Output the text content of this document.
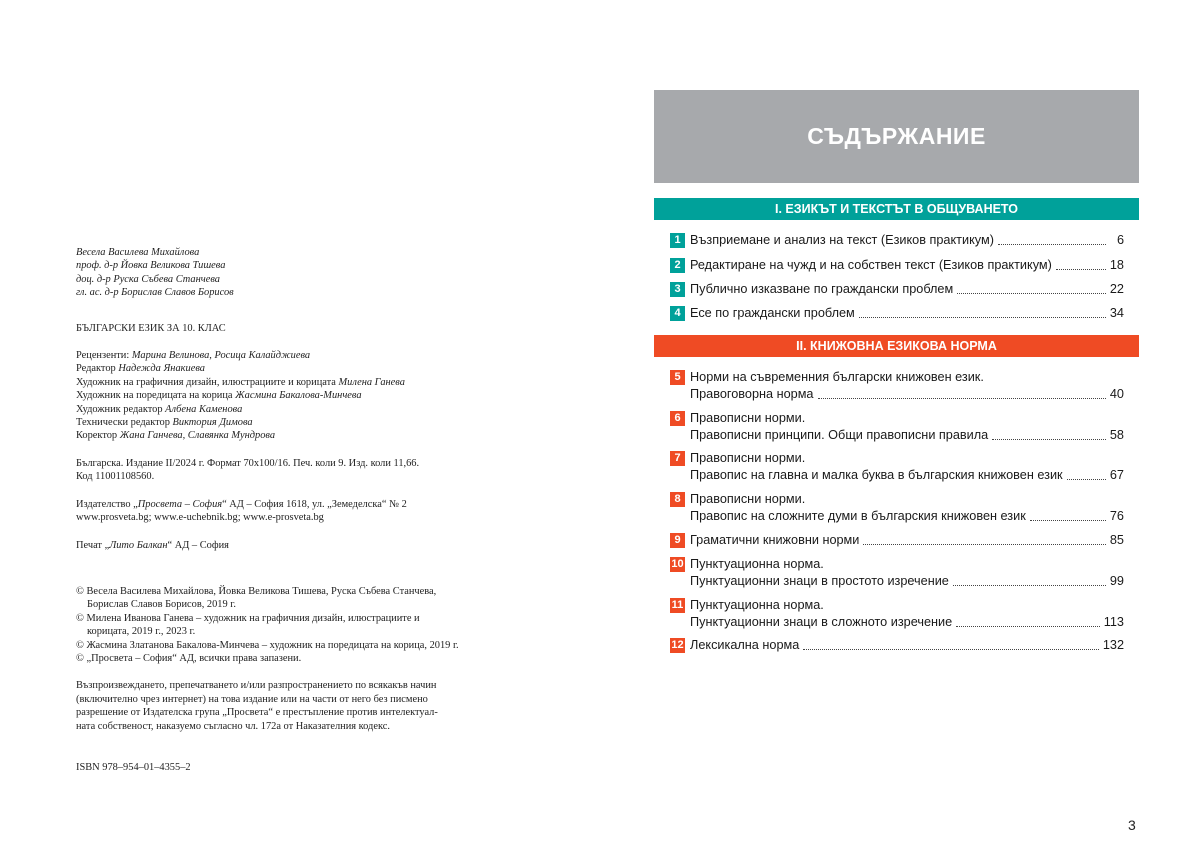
Весела Василева Михайлова
проф. д-р Йовка Великова Тишева
доц. д-р Руска Събева Станчева
гл. ас. д-р Борислав Славов Борисов
БЪЛГАРСКИ ЕЗИК ЗА 10. КЛАС
Рецензенти: Марина Велинова, Росица Калайджиева
Редактор Надежда Янакиева
Художник на графичния дизайн, илюстрациите и корицата Милена Ганева
Художник на поредицата на корица Жасмина Бакалова-Минчева
Художник редактор Албена Каменова
Технически редактор Виктория Димова
Коректор Жана Ганчева, Славянка Мундрова
Българска. Издание II/2024 г. Формат 70х100/16. Печ. коли 9. Изд. коли 11,66.
Код 11001108560.
Издателство „Просвета – София“ АД – София 1618, ул. „Земеделска“ № 2
www.prosveta.bg; www.e-uchebnik.bg; www.e-prosveta.bg
Печат „Лито Балкан“ АД – София
© Весела Василева Михайлова, Йовка Великова Тишева, Руска Събева Станчева,
Борислав Славов Борисов, 2019 г.
© Милена Иванова Ганева – художник на графичния дизайн, илюстрациите и
корицата, 2019 г., 2023 г.
© Жасмина Златанова Бакалова-Минчева – художник на поредицата на корица, 2019 г.
© „Просвета – София“ АД, всички права запазени.
Възпроизвеждането, препечатването и/или разпространението по всякакъв начин
(включително чрез интернет) на това издание или на части от него без писмено
разрешение от Издателска група „Просвета“ е престъпление против интелектуал-
ната собственост, наказуемо съгласно чл. 172а от Наказателния кодекс.
ISBN 978–954–01–4355–2
СЪДЪРЖАНИЕ
I. ЕЗИКЪТ И ТЕКСТЪТ В ОБЩУВАНЕТО
II. КНИЖОВНА ЕЗИКОВА НОРМА
1 Възприемане и анализ на текст (Езиков практикум)	6
2 Редактиране на чужд и на собствен текст (Езиков практикум)	18
3 Публично изказване по граждански проблем	22
4 Есе по граждански проблем	34
5 Норми на съвременния български книжовен език.
Правоговорна норма	40
6 Правописни норми.
Правописни принципи. Общи правописни правила	58
7 Правописни норми.
Правопис на главна и малка буква в българския книжовен език	67
8 Правописни норми.
Правопис на сложните думи в българския книжовен език	76
9 Граматични книжовни норми	85
10 Пунктуационна норма.
Пунктуационни знаци в простото изречение	99
11 Пунктуационна норма.
Пунктуационни знаци в сложното изречение	113
12 Лексикална норма	132
3
